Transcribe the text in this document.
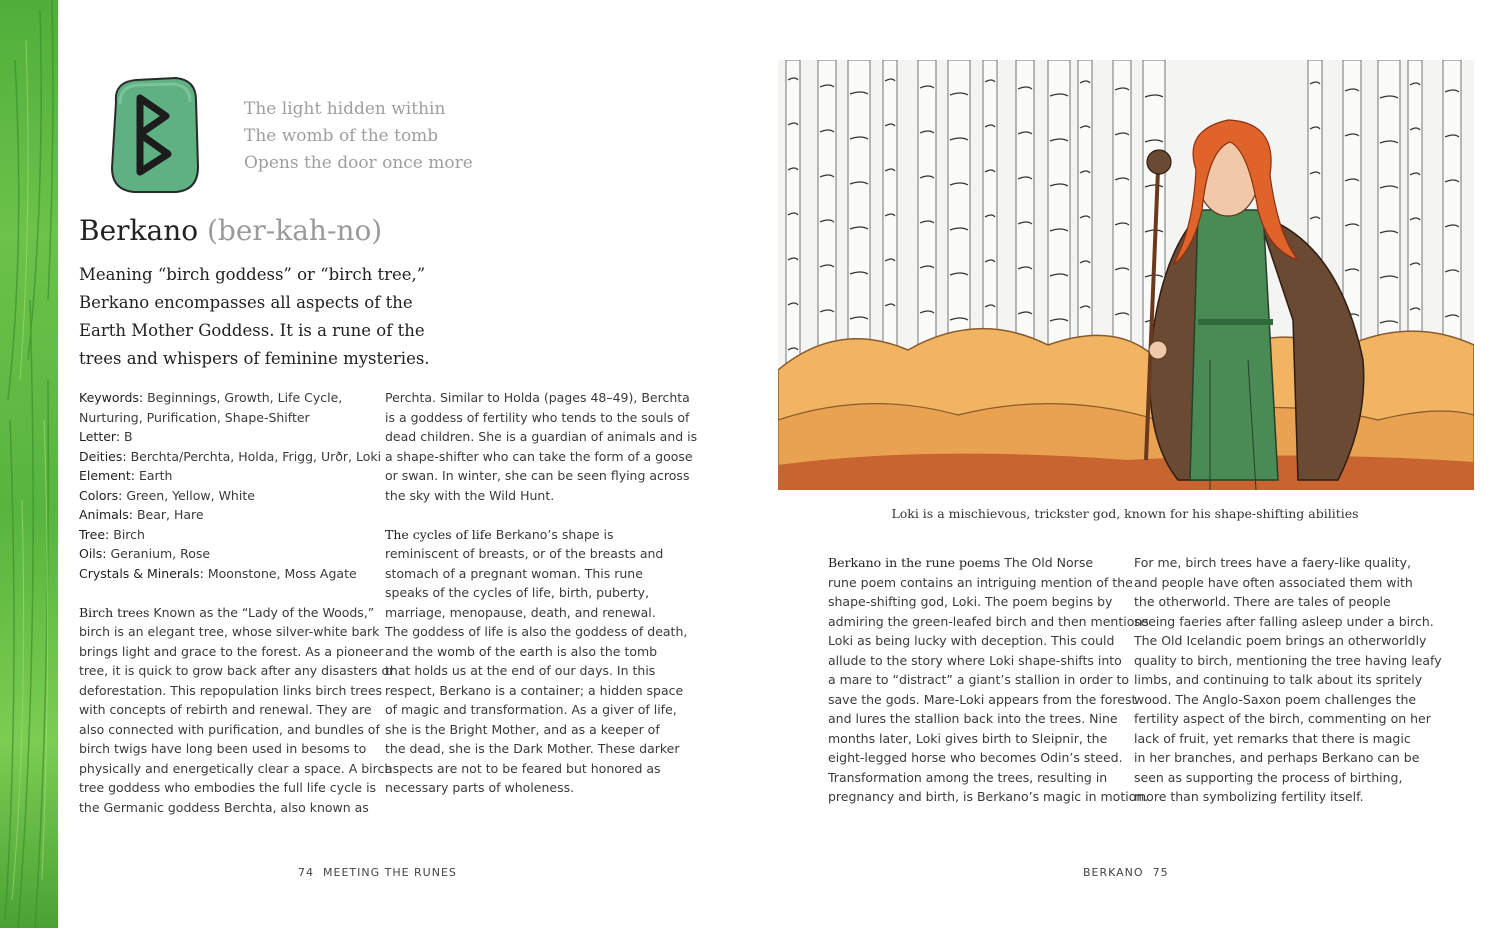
The light hidden within
The womb of the tomb
Opens the door once more
Berkano (ber-kah-no)
Meaning “birch goddess” or “birch tree,”
Berkano encompasses all aspects of the
Earth Mother Goddess. It is a rune of the
trees and whispers of feminine mysteries.
Keywords: Beginnings, Growth, Life Cycle,
Nurturing, Purification, Shape-Shifter
Letter: B
Deities: Berchta/Perchta, Holda, Frigg, Urðr, Loki
Element: Earth
Colors: Green, Yellow, White
Animals: Bear, Hare
Tree: Birch
Oils: Geranium, Rose
Crystals & Minerals: Moonstone, Moss Agate
Birch trees Known as the “Lady of the Woods,”
birch is an elegant tree, whose silver-white bark
brings light and grace to the forest. As a pioneer
tree, it is quick to grow back after any disasters or
deforestation. This repopulation links birch trees
with concepts of rebirth and renewal. They are
also connected with purification, and bundles of
birch twigs have long been used in besoms to
physically and energetically clear a space. A birch
tree goddess who embodies the full life cycle is
the Germanic goddess Berchta, also known as
Perchta. Similar to Holda (pages 48–49), Berchta
is a goddess of fertility who tends to the souls of
dead children. She is a guardian of animals and is
a shape-shifter who can take the form of a goose
or swan. In winter, she can be seen flying across
the sky with the Wild Hunt.
The cycles of life Berkano’s shape is
reminiscent of breasts, or of the breasts and
stomach of a pregnant woman. This rune
speaks of the cycles of life, birth, puberty,
marriage, menopause, death, and renewal.
The goddess of life is also the goddess of death,
and the womb of the earth is also the tomb
that holds us at the end of our days. In this
respect, Berkano is a container; a hidden space
of magic and transformation. As a giver of life,
she is the Bright Mother, and as a keeper of
the dead, she is the Dark Mother. These darker
aspects are not to be feared but honored as
necessary parts of wholeness.
74 MEETING THE RUNES
Loki is a mischievous, trickster god, known for his shape-shifting abilities
Berkano in the rune poems The Old Norse
rune poem contains an intriguing mention of the
shape-shifting god, Loki. The poem begins by
admiring the green-leafed birch and then mentions
Loki as being lucky with deception. This could
allude to the story where Loki shape-shifts into
a mare to “distract” a giant’s stallion in order to
save the gods. Mare-Loki appears from the forest
and lures the stallion back into the trees. Nine
months later, Loki gives birth to Sleipnir, the
eight-legged horse who becomes Odin’s steed.
Transformation among the trees, resulting in
pregnancy and birth, is Berkano’s magic in motion.
For me, birch trees have a faery-like quality,
and people have often associated them with
the otherworld. There are tales of people
seeing faeries after falling asleep under a birch.
The Old Icelandic poem brings an otherworldly
quality to birch, mentioning the tree having leafy
limbs, and continuing to talk about its spritely
wood. The Anglo-Saxon poem challenges the
fertility aspect of the birch, commenting on her
lack of fruit, yet remarks that there is magic
in her branches, and perhaps Berkano can be
seen as supporting the process of birthing,
more than symbolizing fertility itself.
BERKANO 75
